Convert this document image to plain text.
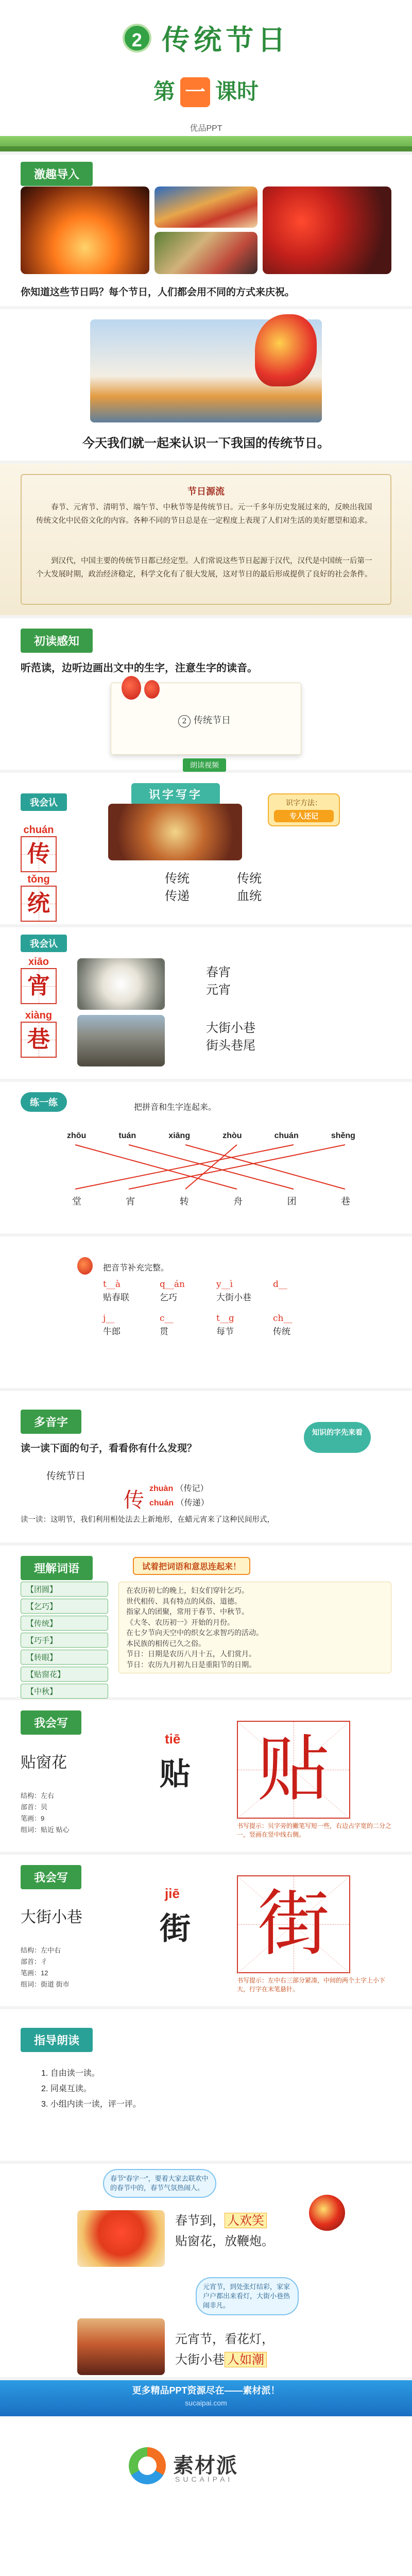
2 传统节日
第 一 课时
优品PPT
激趣导入
你知道这些节日吗？每个节日，人们都会用不同的方式来庆祝。
今天我们就一起来认识一下我国的传统节日。
节日源流

春节、元宵节、清明节、端午节、中秋节等是传统节日。元一千多年历史发展过来的，反映出我国传统文化中民俗文化的内容。各种不同的节日总是在一定程度上表现了人们对生活的美好愿望和追求。

到汉代，中国主要的传统节日都已经定型。人们常说这些节日起源于汉代，汉代是中国统一后第一个大发展时期，政治经济稳定，科学文化有了很大发展，这对节日的最后形成提供了良好的社会条件。

初读感知
听范读，边听边画出文中的生字，注意生字的读音。
2 传统节日
朗读视频
识字写字
识字方法：
专人还记
我会认
chuán
传
tǒng
统
传统
传递
传统
血统
我会认
xiāo
宵
xiàng
巷
春宵
元宵
大街小巷
街头巷尾
练一练	把拼音和生字连起来。
zhōu	tuán	xiāng	zhòu	chuán	shěng
堂	宵	转	舟	团	巷
把音节补充完整。
t__à	q__án	y__ì	d__
贴春联	乞巧	大街小巷
j__	c__	t__g	ch__
牛郎	贯	每节	传统
多音字
读一读下面的句子，看看你有什么发现？
知识的字先来看
传统节日
传 zhuàn （传记）
chuán （传递）
读一读：这明节，我们利用相处法去上新地形，在蜡元宵来了这种民间形式，
理解词语	试着把词语和意思连起来！
【团圆】
【乞巧】
【传统】
【巧手】
【转眼】
【贴窗花】
【中秋】
在农历初七的晚上，妇女们穿针乞巧。
世代相传、具有特点的风俗、道德。
指家人的团聚，常用于春节、中秋节。
《大冬、农历初一》开始的月份。
在七夕节向天空中的织女乞求智巧的活动。
本民族的相传已久之俗。
节日：日期是农历八月十五，人们赏月。
节日：农历九月初九日是重阳节的日期。
我会写
贴窗花
tiē
贴 贴
结构：左右
部首：贝
笔画：9
组词：贴近 贴心	书写提示：贝字旁的撇笔写短一些，右边占字宽的二分之一，竖画在竖中线右侧。
我会写
大街小巷
jiē
街 街
结构：左中右
部首：彳
笔画：12
组词：街道 街市	书写提示：左中右三部分紧凑，中间的两个土字上小下大，行字在末笔悬针。
指导朗读
1. 自由读一读。
2. 同桌互读。
3. 小组内读一读，评一评。
春节“春字一”，要着大家去联欢中的春节中的，春节气氛热闹人。
春节到， 人欢笑
贴窗花，放鞭炮。
元宵节，到处张灯结彩，家家户户都出来看灯，大街小巷热闹非凡。
元宵节，看花灯，
大街小巷 人如潮
更多精品PPT资源尽在——素材派！
sucaipai.com
素材派
SUCAIPAI
